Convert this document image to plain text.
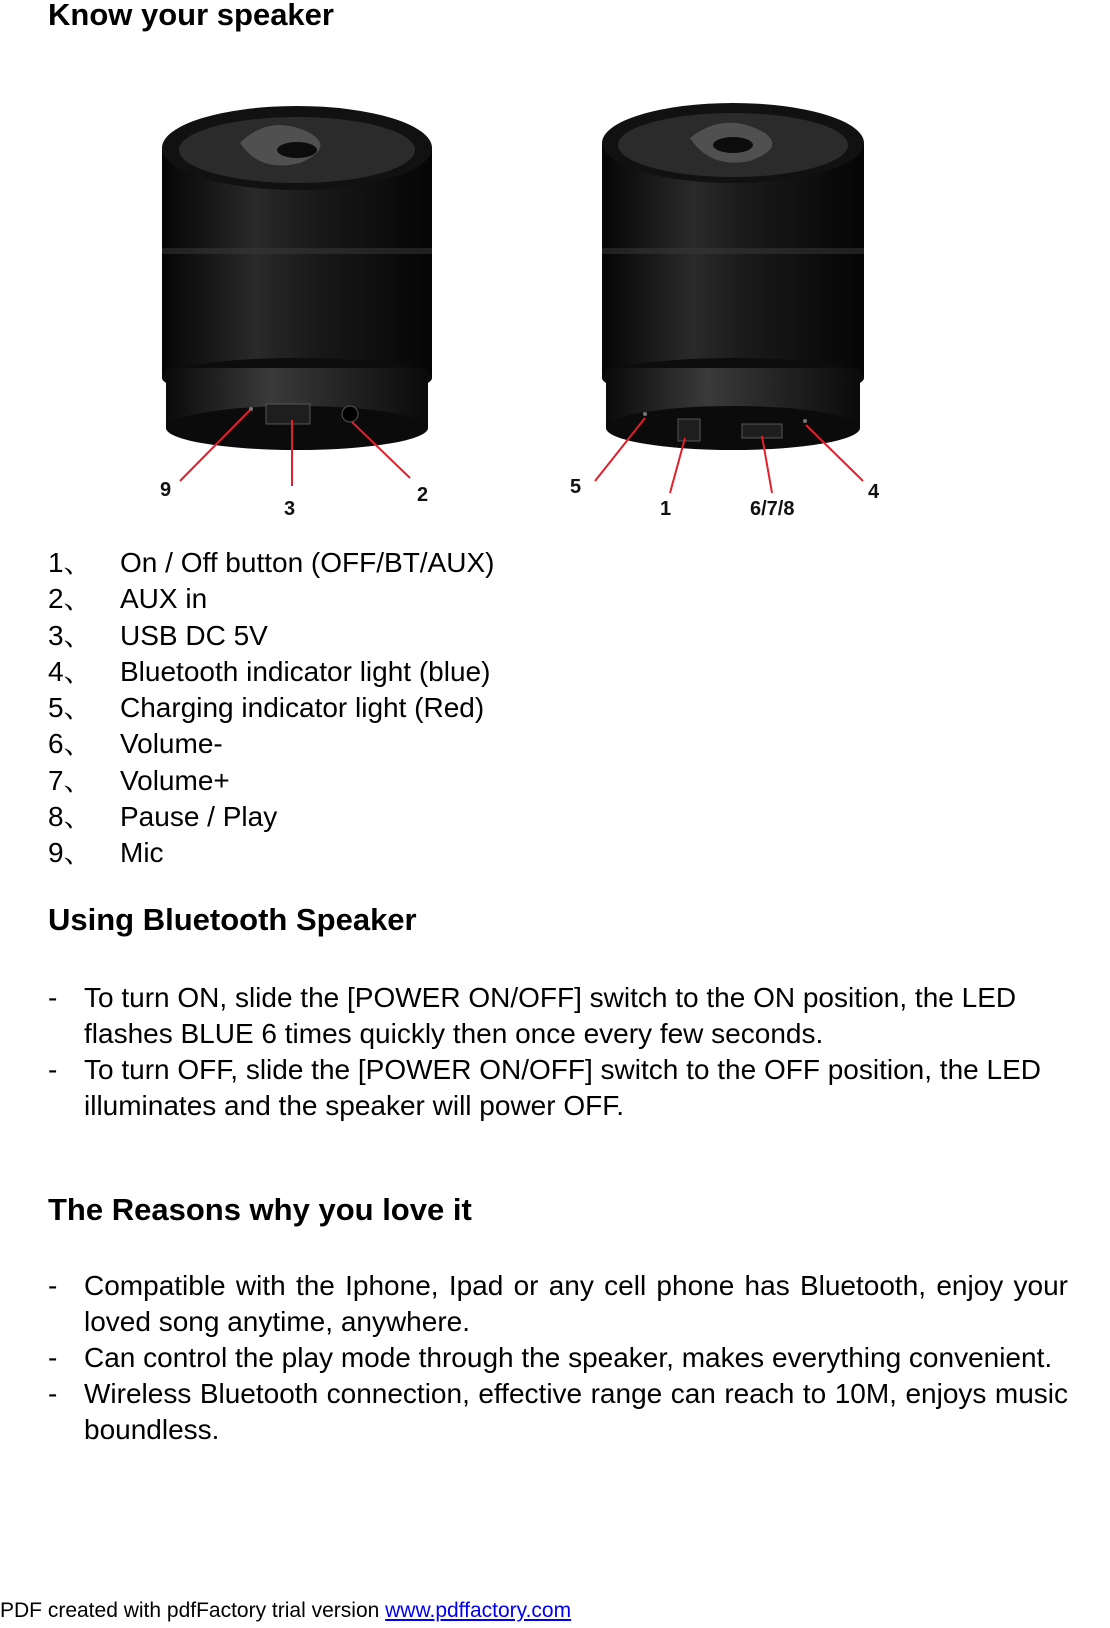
Know your speaker
9
3
2	5
1	6/7/8
4
1、	On / Off button (OFF/BT/AUX)
2、	AUX in
3、	USB DC 5V
4、	Bluetooth indicator light (blue)
5、	Charging indicator light (Red)
6、	Volume-
7、	Volume+
8、	Pause / Play
9、	Mic
Using Bluetooth Speaker
- To turn ON, slide the [POWER ON/OFF] switch to the ON position, the LED flashes BLUE 6 times quickly then once every few seconds.
- To turn OFF, slide the [POWER ON/OFF] switch to the OFF position, the LED illuminates and the speaker will power OFF.
The Reasons why you love it
- Compatible with the Iphone, Ipad or any cell phone has Bluetooth, enjoy your loved song anytime, anywhere.
- Can control the play mode through the speaker, makes everything convenient.
- Wireless Bluetooth connection, effective range can reach to 10M, enjoys music boundless.
PDF created with pdfFactory trial version www.pdffactory.com
